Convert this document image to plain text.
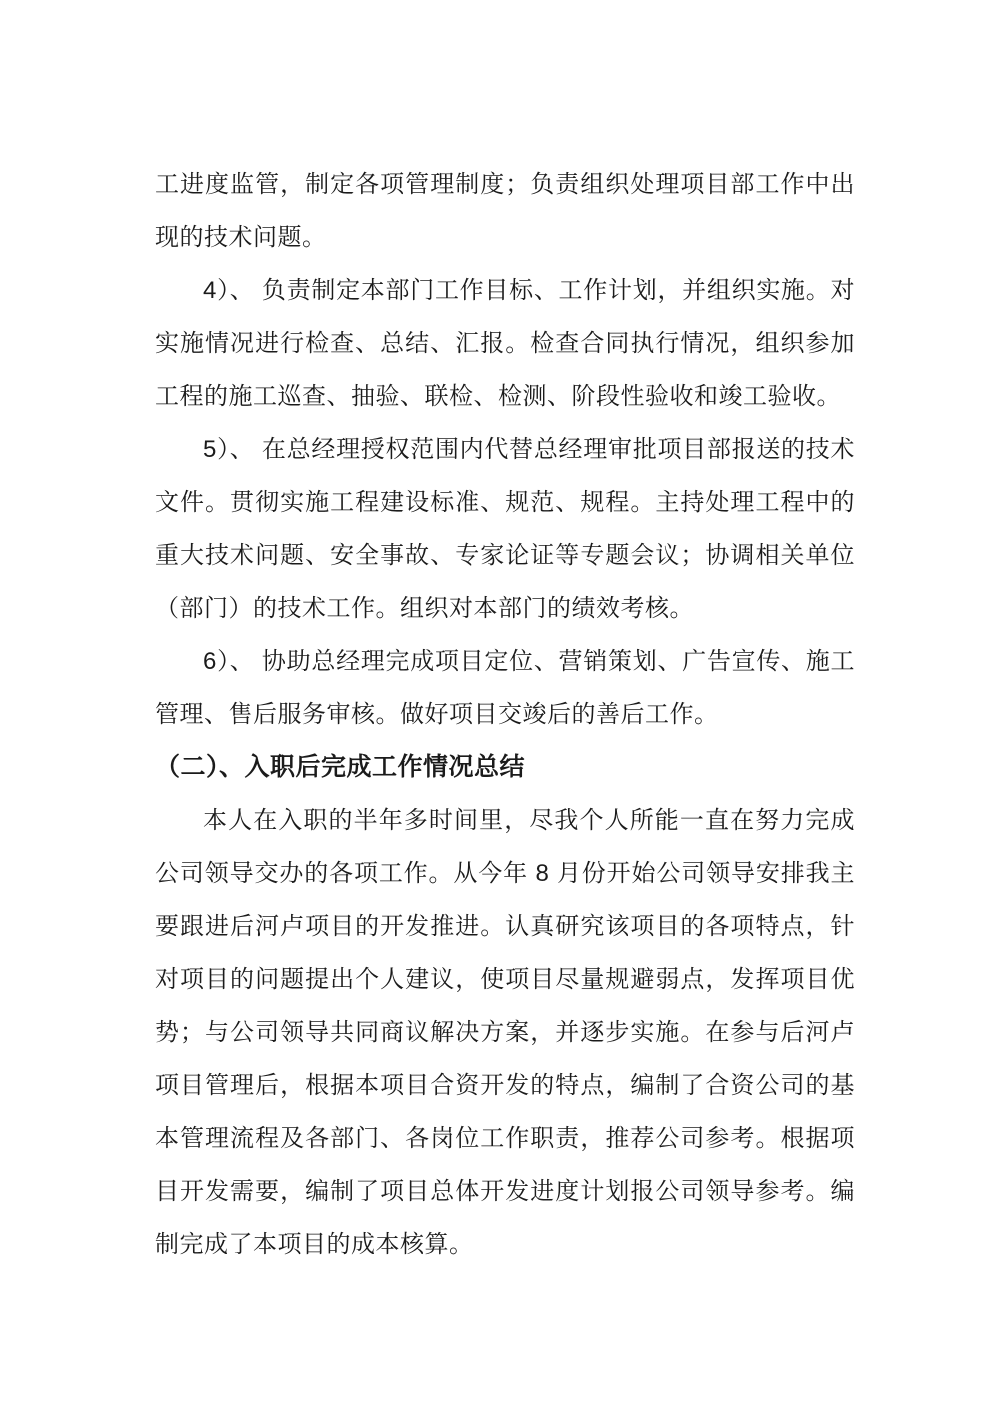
工进度监管，制定各项管理制度；负责组织处理项目部工作中出现的技术问题。

4）、 负责制定本部门工作目标、工作计划，并组织实施。对实施情况进行检查、总结、汇报。检查合同执行情况，组织参加工程的施工巡查、抽验、联检、检测、阶段性验收和竣工验收。

5）、 在总经理授权范围内代替总经理审批项目部报送的技术文件。贯彻实施工程建设标准、规范、规程。主持处理工程中的重大技术问题、安全事故、专家论证等专题会议；协调相关单位（部门）的技术工作。组织对本部门的绩效考核。

6）、 协助总经理完成项目定位、营销策划、广告宣传、施工管理、售后服务审核。做好项目交竣后的善后工作。

（二）、入职后完成工作情况总结

本人在入职的半年多时间里，尽我个人所能一直在努力完成公司领导交办的各项工作。从今年 8 月份开始公司领导安排我主要跟进后河卢项目的开发推进。认真研究该项目的各项特点，针对项目的问题提出个人建议，使项目尽量规避弱点，发挥项目优势；与公司领导共同商议解决方案，并逐步实施。在参与后河卢项目管理后，根据本项目合资开发的特点，编制了合资公司的基本管理流程及各部门、各岗位工作职责，推荐公司参考。根据项目开发需要，编制了项目总体开发进度计划报公司领导参考。编制完成了本项目的成本核算。
